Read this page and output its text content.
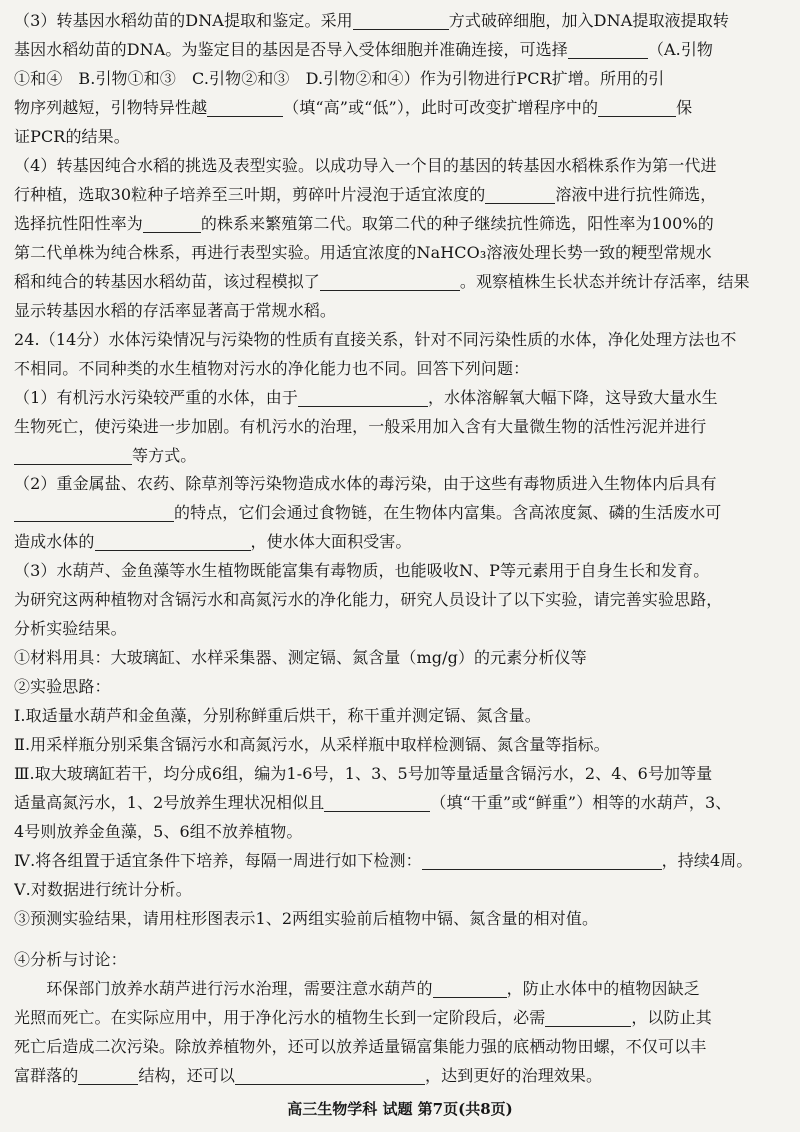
（3）转基因水稻幼苗的DNA提取和鉴定。采用	方式破碎细胞，加入DNA提取液提取转
基因水稻幼苗的DNA。为鉴定目的基因是否导入受体细胞并准确连接，可选择	（A.引物
①和④　B.引物①和③　C.引物②和③　D.引物②和④）作为引物进行PCR扩增。所用的引
物序列越短，引物特异性越	（填“高”或“低”），此时可改变扩增程序中的	保
证PCR的结果。
（4）转基因纯合水稻的挑选及表型实验。以成功导入一个目的基因的转基因水稻株系作为第一代进
行种植，选取30粒种子培养至三叶期，剪碎叶片浸泡于适宜浓度的	溶液中进行抗性筛选，
选择抗性阳性率为	的株系来繁殖第二代。取第二代的种子继续抗性筛选，阳性率为100%的
第二代单株为纯合株系，再进行表型实验。用适宜浓度的NaHCO₃溶液处理长势一致的粳型常规水
稻和纯合的转基因水稻幼苗，该过程模拟了	。观察植株生长状态并统计存活率，结果
显示转基因水稻的存活率显著高于常规水稻。
24.（14分）水体污染情况与污染物的性质有直接关系，针对不同污染性质的水体，净化处理方法也不
不相同。不同种类的水生植物对污水的净化能力也不同。回答下列问题：
（1）有机污水污染较严重的水体，由于	，水体溶解氧大幅下降，这导致大量水生
生物死亡，使污染进一步加剧。有机污水的治理，一般采用加入含有大量微生物的活性污泥并进行
等方式。
（2）重金属盐、农药、除草剂等污染物造成水体的毒污染，由于这些有毒物质进入生物体内后具有
的特点，它们会通过食物链，在生物体内富集。含高浓度氮、磷的生活废水可
造成水体的	，使水体大面积受害。
（3）水葫芦、金鱼藻等水生植物既能富集有毒物质，也能吸收N、P等元素用于自身生长和发育。
为研究这两种植物对含镉污水和高氮污水的净化能力，研究人员设计了以下实验，请完善实验思路，
分析实验结果。
①材料用具：大玻璃缸、水样采集器、测定镉、氮含量（mg/g）的元素分析仪等
②实验思路：
Ⅰ.取适量水葫芦和金鱼藻，分别称鲜重后烘干，称干重并测定镉、氮含量。
Ⅱ.用采样瓶分别采集含镉污水和高氮污水，从采样瓶中取样检测镉、氮含量等指标。
Ⅲ.取大玻璃缸若干，均分成6组，编为1-6号，1、3、5号加等量适量含镉污水，2、4、6号加等量
适量高氮污水，1、2号放养生理状况相似且	（填“干重”或“鲜重”）相等的水葫芦，3、
4号则放养金鱼藻，5、6组不放养植物。
Ⅳ.将各组置于适宜条件下培养，每隔一周进行如下检测：	，持续4周。
Ⅴ.对数据进行统计分析。
③预测实验结果，请用柱形图表示1、2两组实验前后植物中镉、氮含量的相对值。
④分析与讨论：
　　环保部门放养水葫芦进行污水治理，需要注意水葫芦的	，防止水体中的植物因缺乏
光照而死亡。在实际应用中，用于净化污水的植物生长到一定阶段后，必需	，以防止其
死亡后造成二次污染。除放养植物外，还可以放养适量镉富集能力强的底栖动物田螺，不仅可以丰
富群落的	结构，还可以	，达到更好的治理效果。
高三生物学科 试题 第7页(共8页)
